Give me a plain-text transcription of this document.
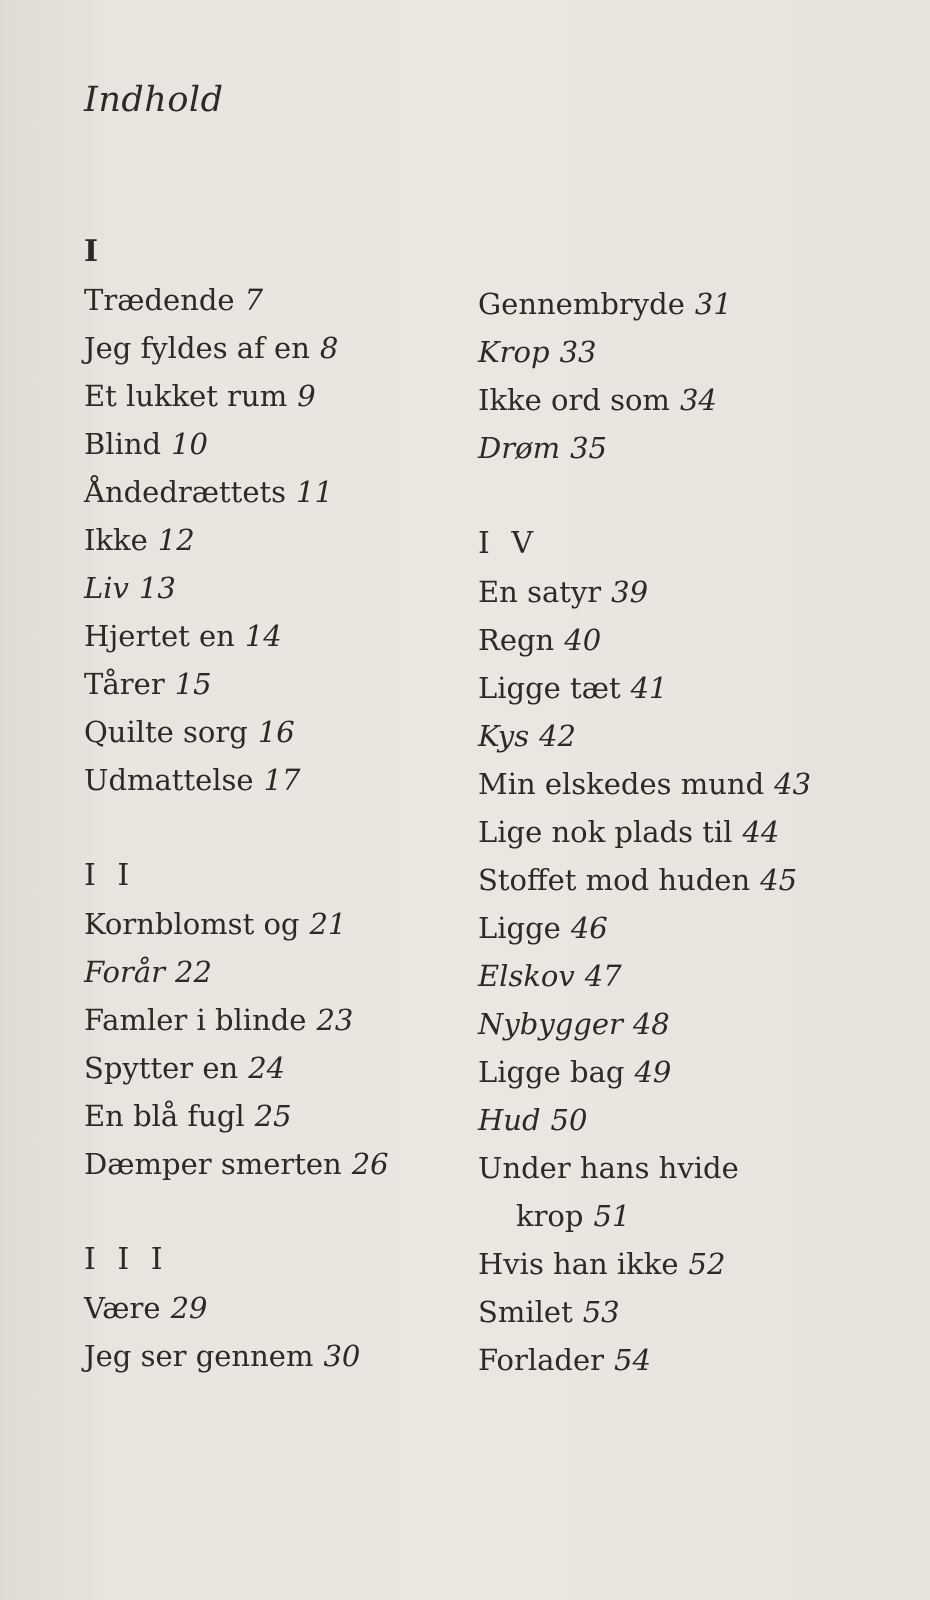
Indhold
I
Trædende 7
Jeg fyldes af en 8
Et lukket rum 9
Blind 10
Åndedrættets 11
Ikke 12
Liv 13
Hjertet en 14
Tårer 15
Quilte sorg 16
Udmattelse 17
I I
Kornblomst og 21
Forår 22
Famler i blinde 23
Spytter en 24
En blå fugl 25
Dæmper smerten 26
I I I
Være 29
Jeg ser gennem 30
Gennembryde 31
Krop 33
Ikke ord som 34
Drøm 35
I V
En satyr 39
Regn 40
Ligge tæt 41
Kys 42
Min elskedes mund 43
Lige nok plads til 44
Stoffet mod huden 45
Ligge 46
Elskov 47
Nybygger 48
Ligge bag 49
Hud 50
Under hans hvide
krop 51
Hvis han ikke 52
Smilet 53
Forlader 54
